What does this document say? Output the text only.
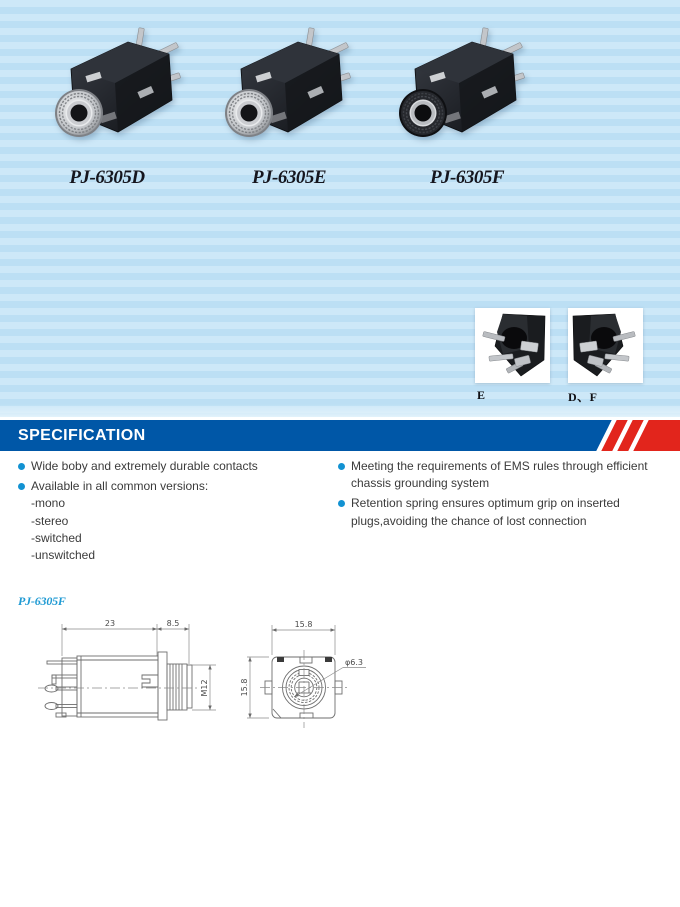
PJ-6305D	PJ-6305E	PJ-6305F
E	D、F
SPECIFICATION
Wide boby and extremely durable contacts
Available in all common versions:
-mono
-stereo
-switched
-unswitched
Meeting the requirements of EMS rules through efficient
chassis grounding system
Retention spring ensures optimum grip on inserted
plugs,avoiding the chance of lost connection
PJ-6305F
23	8.5
M12
15.8
15.8
φ6.3
